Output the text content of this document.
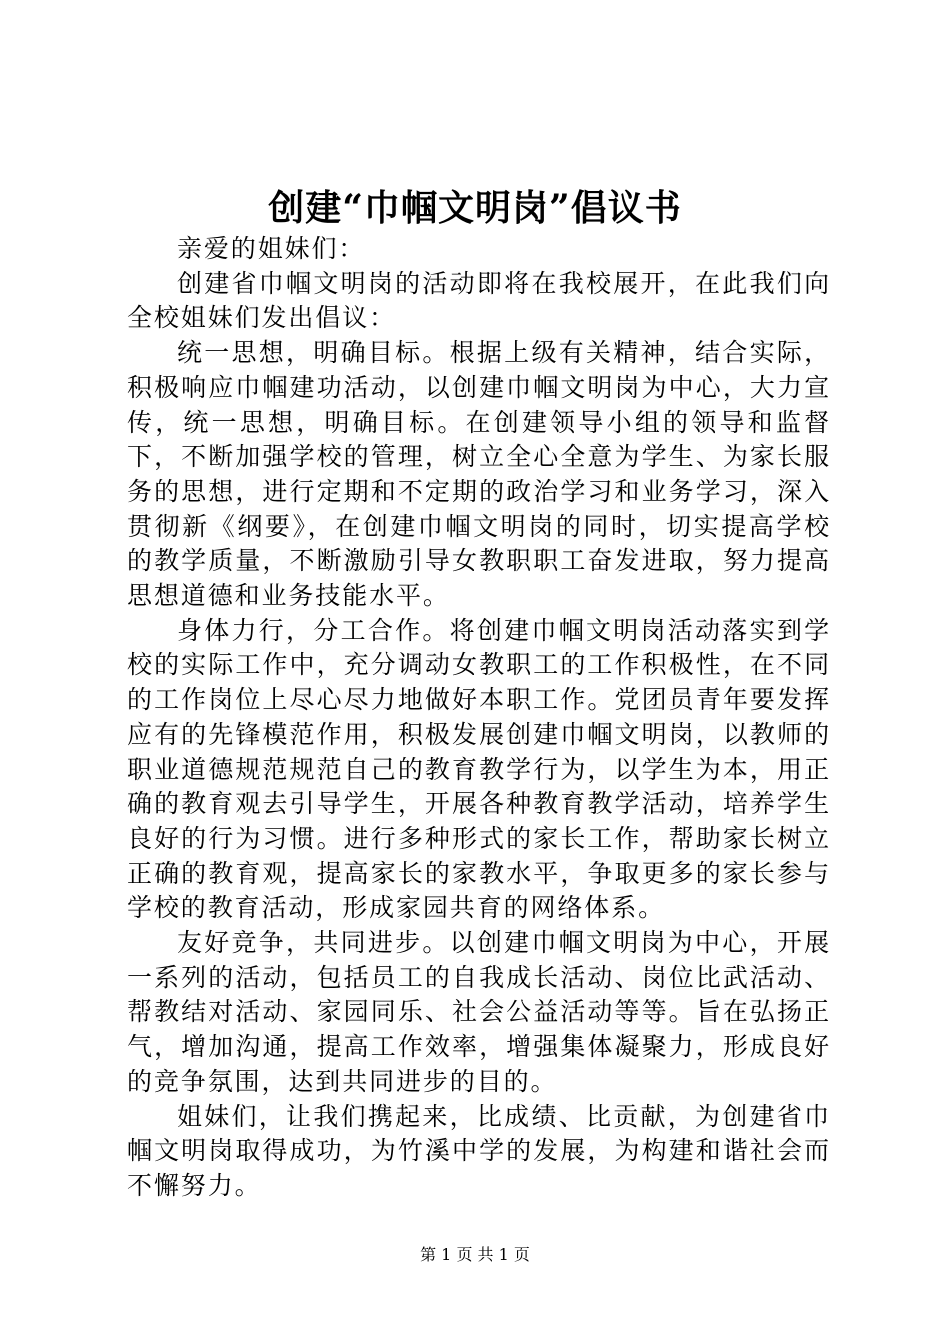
创建“巾帼文明岗”倡议书

亲爱的姐妹们：

创建省巾帼文明岗的活动即将在我校展开，在此我们向全校姐妹们发出倡议：

统一思想，明确目标。根据上级有关精神，结合实际，积极响应巾帼建功活动，以创建巾帼文明岗为中心，大力宣传，统一思想，明确目标。在创建领导小组的领导和监督下，不断加强学校的管理，树立全心全意为学生、为家长服务的思想，进行定期和不定期的政治学习和业务学习，深入贯彻新《纲要》，在创建巾帼文明岗的同时，切实提高学校的教学质量，不断激励引导女教职职工奋发进取，努力提高思想道德和业务技能水平。

身体力行，分工合作。将创建巾帼文明岗活动落实到学校的实际工作中，充分调动女教职工的工作积极性，在不同的工作岗位上尽心尽力地做好本职工作。党团员青年要发挥应有的先锋模范作用，积极发展创建巾帼文明岗，以教师的职业道德规范规范自己的教育教学行为，以学生为本，用正确的教育观去引导学生，开展各种教育教学活动，培养学生良好的行为习惯。进行多种形式的家长工作，帮助家长树立正确的教育观，提高家长的家教水平，争取更多的家长参与学校的教育活动，形成家园共育的网络体系。

友好竞争，共同进步。以创建巾帼文明岗为中心，开展一系列的活动，包括员工的自我成长活动、岗位比武活动、帮教结对活动、家园同乐、社会公益活动等等。旨在弘扬正气，增加沟通，提高工作效率，增强集体凝聚力，形成良好的竞争氛围，达到共同进步的目的。

姐妹们，让我们携起来，比成绩、比贡献，为创建省巾帼文明岗取得成功，为竹溪中学的发展，为构建和谐社会而不懈努力。

第 1 页 共 1 页
